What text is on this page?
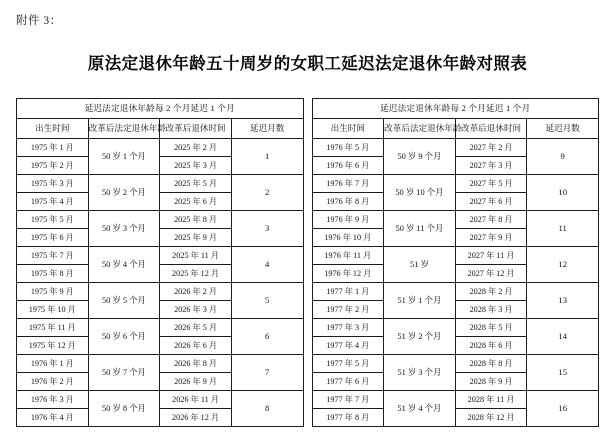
附件 3：
原法定退休年龄五十周岁的女职工延迟法定退休年龄对照表
延迟法定退休年龄每 2 个月延迟 1 个月			
出生时间	改革后法定退休年龄	改革后退休时间	延迟月数
1975 年 1 月	50 岁 1 个月	2025 年 2 月	1
1975 年 2 月		2025 年 3 月	
1975 年 3 月	50 岁 2 个月	2025 年 5 月	2
1975 年 4 月		2025 年 6 月	
1975 年 5 月	50 岁 3 个月	2025 年 8 月	3
1975 年 6 月		2025 年 9 月	
1975 年 7 月	50 岁 4 个月	2025 年 11 月	4
1975 年 8 月		2025 年 12 月	
1975 年 9 月	50 岁 5 个月	2026 年 2 月	5
1975 年 10 月		2026 年 3 月	
1975 年 11 月	50 岁 6 个月	2026 年 5 月	6
1975 年 12 月		2026 年 6 月	
1976 年 1 月	50 岁 7 个月	2026 年 8 月	7
1976 年 2 月		2026 年 9 月	
1976 年 3 月	50 岁 8 个月	2026 年 11 月	8
1976 年 4 月		2026 年 12 月	
延迟法定退休年龄每 2 个月延迟 1 个月			
出生时间	改革后法定退休年龄	改革后退休时间	延迟月数
1976 年 5 月	50 岁 9 个月	2027 年 2 月	9
1976 年 6 月		2027 年 3 月	
1976 年 7 月	50 岁 10 个月	2027 年 5 月	10
1976 年 8 月		2027 年 6 月	
1976 年 9 月	50 岁 11 个月	2027 年 8 月	11
1976 年 10 月		2027 年 9 月	
1976 年 11 月	51 岁	2027 年 11 月	12
1976 年 12 月		2027 年 12 月	
1977 年 1 月	51 岁 1 个月	2028 年 2 月	13
1977 年 2 月		2028 年 3 月	
1977 年 3 月	51 岁 2 个月	2028 年 5 月	14
1977 年 4 月		2028 年 6 月	
1977 年 5 月	51 岁 3 个月	2028 年 8 月	15
1977 年 6 月		2028 年 9 月	
1977 年 7 月	51 岁 4 个月	2028 年 11 月	16
1977 年 8 月		2028 年 12 月	
